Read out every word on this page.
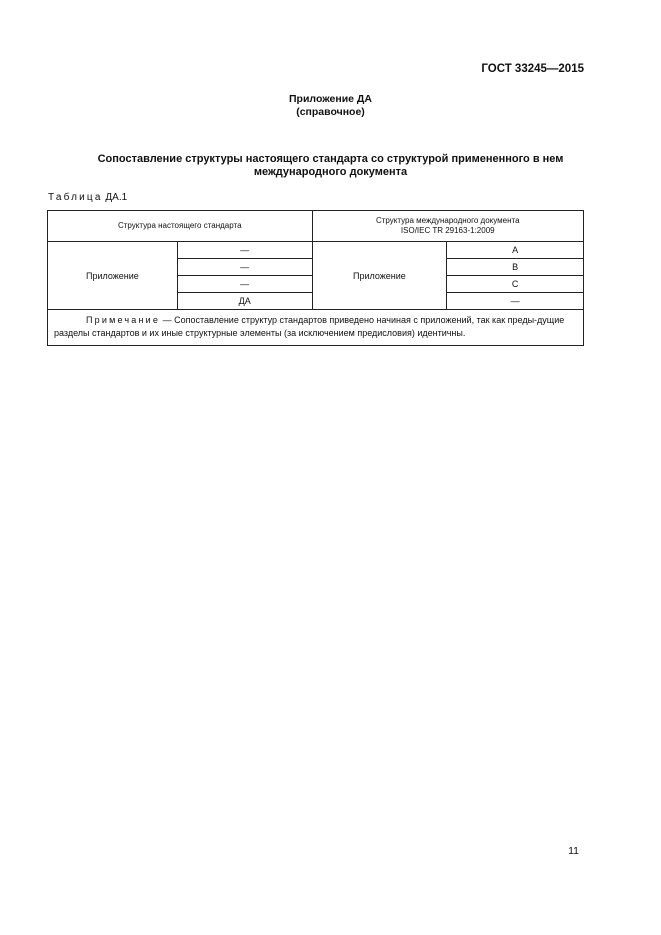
ГОСТ 33245—2015
Приложение ДА
(справочное)
Сопоставление структуры настоящего стандарта со структурой примененного в нем международного документа
Таблица ДА.1
Структура настоящего стандарта		Структура международного документа
ISO/IEC TR 29163-1:2009	

Приложение	—	Приложение	A
	—		B
	—		C
	ДА		—
Примечание — Сопоставление структур стандартов приведено начиная с приложений, так как преды-дущие разделы стандартов и их иные структурные элементы (за исключением предисловия) идентичны.			
11
